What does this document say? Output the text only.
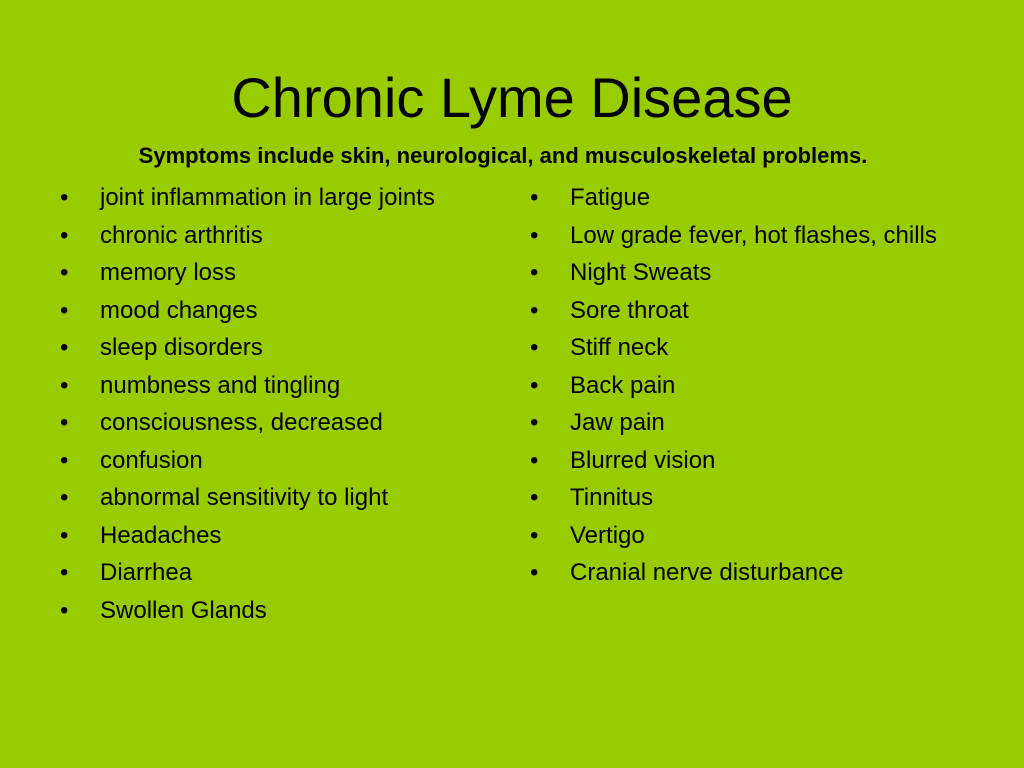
Chronic Lyme Disease

Symptoms include skin, neurological, and musculoskeletal problems.

•	joint inflammation in large joints
•	chronic arthritis
•	memory loss
•	mood changes
•	sleep disorders
•	numbness and tingling
•	consciousness, decreased
•	confusion
•	abnormal sensitivity to light
•	Headaches
•	Diarrhea
•	Swollen Glands
•	Fatigue
•	Low grade fever, hot flashes, chills
•	Night Sweats
•	Sore throat
•	Stiff neck
•	Back pain
•	Jaw pain
•	Blurred vision
•	Tinnitus
•	Vertigo
•	Cranial nerve disturbance
